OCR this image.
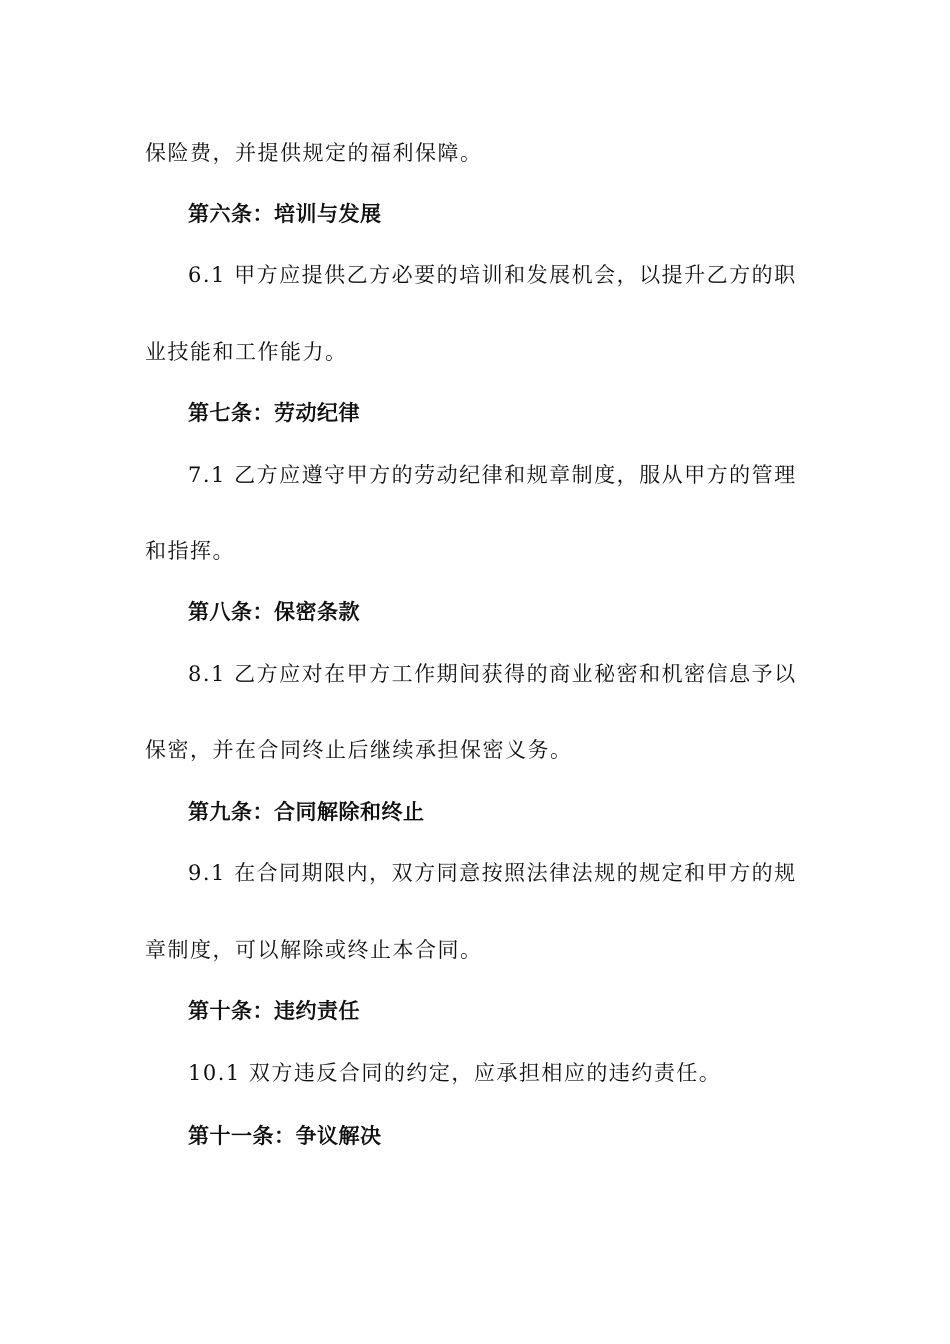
保险费，并提供规定的福利保障。
第六条：培训与发展
6.1 甲方应提供乙方必要的培训和发展机会，以提升乙方的职
业技能和工作能力。
第七条：劳动纪律
7.1 乙方应遵守甲方的劳动纪律和规章制度，服从甲方的管理
和指挥。
第八条：保密条款
8.1 乙方应对在甲方工作期间获得的商业秘密和机密信息予以
保密，并在合同终止后继续承担保密义务。
第九条：合同解除和终止
9.1 在合同期限内，双方同意按照法律法规的规定和甲方的规
章制度，可以解除或终止本合同。
第十条：违约责任
10.1 双方违反合同的约定，应承担相应的违约责任。
第十一条：争议解决
